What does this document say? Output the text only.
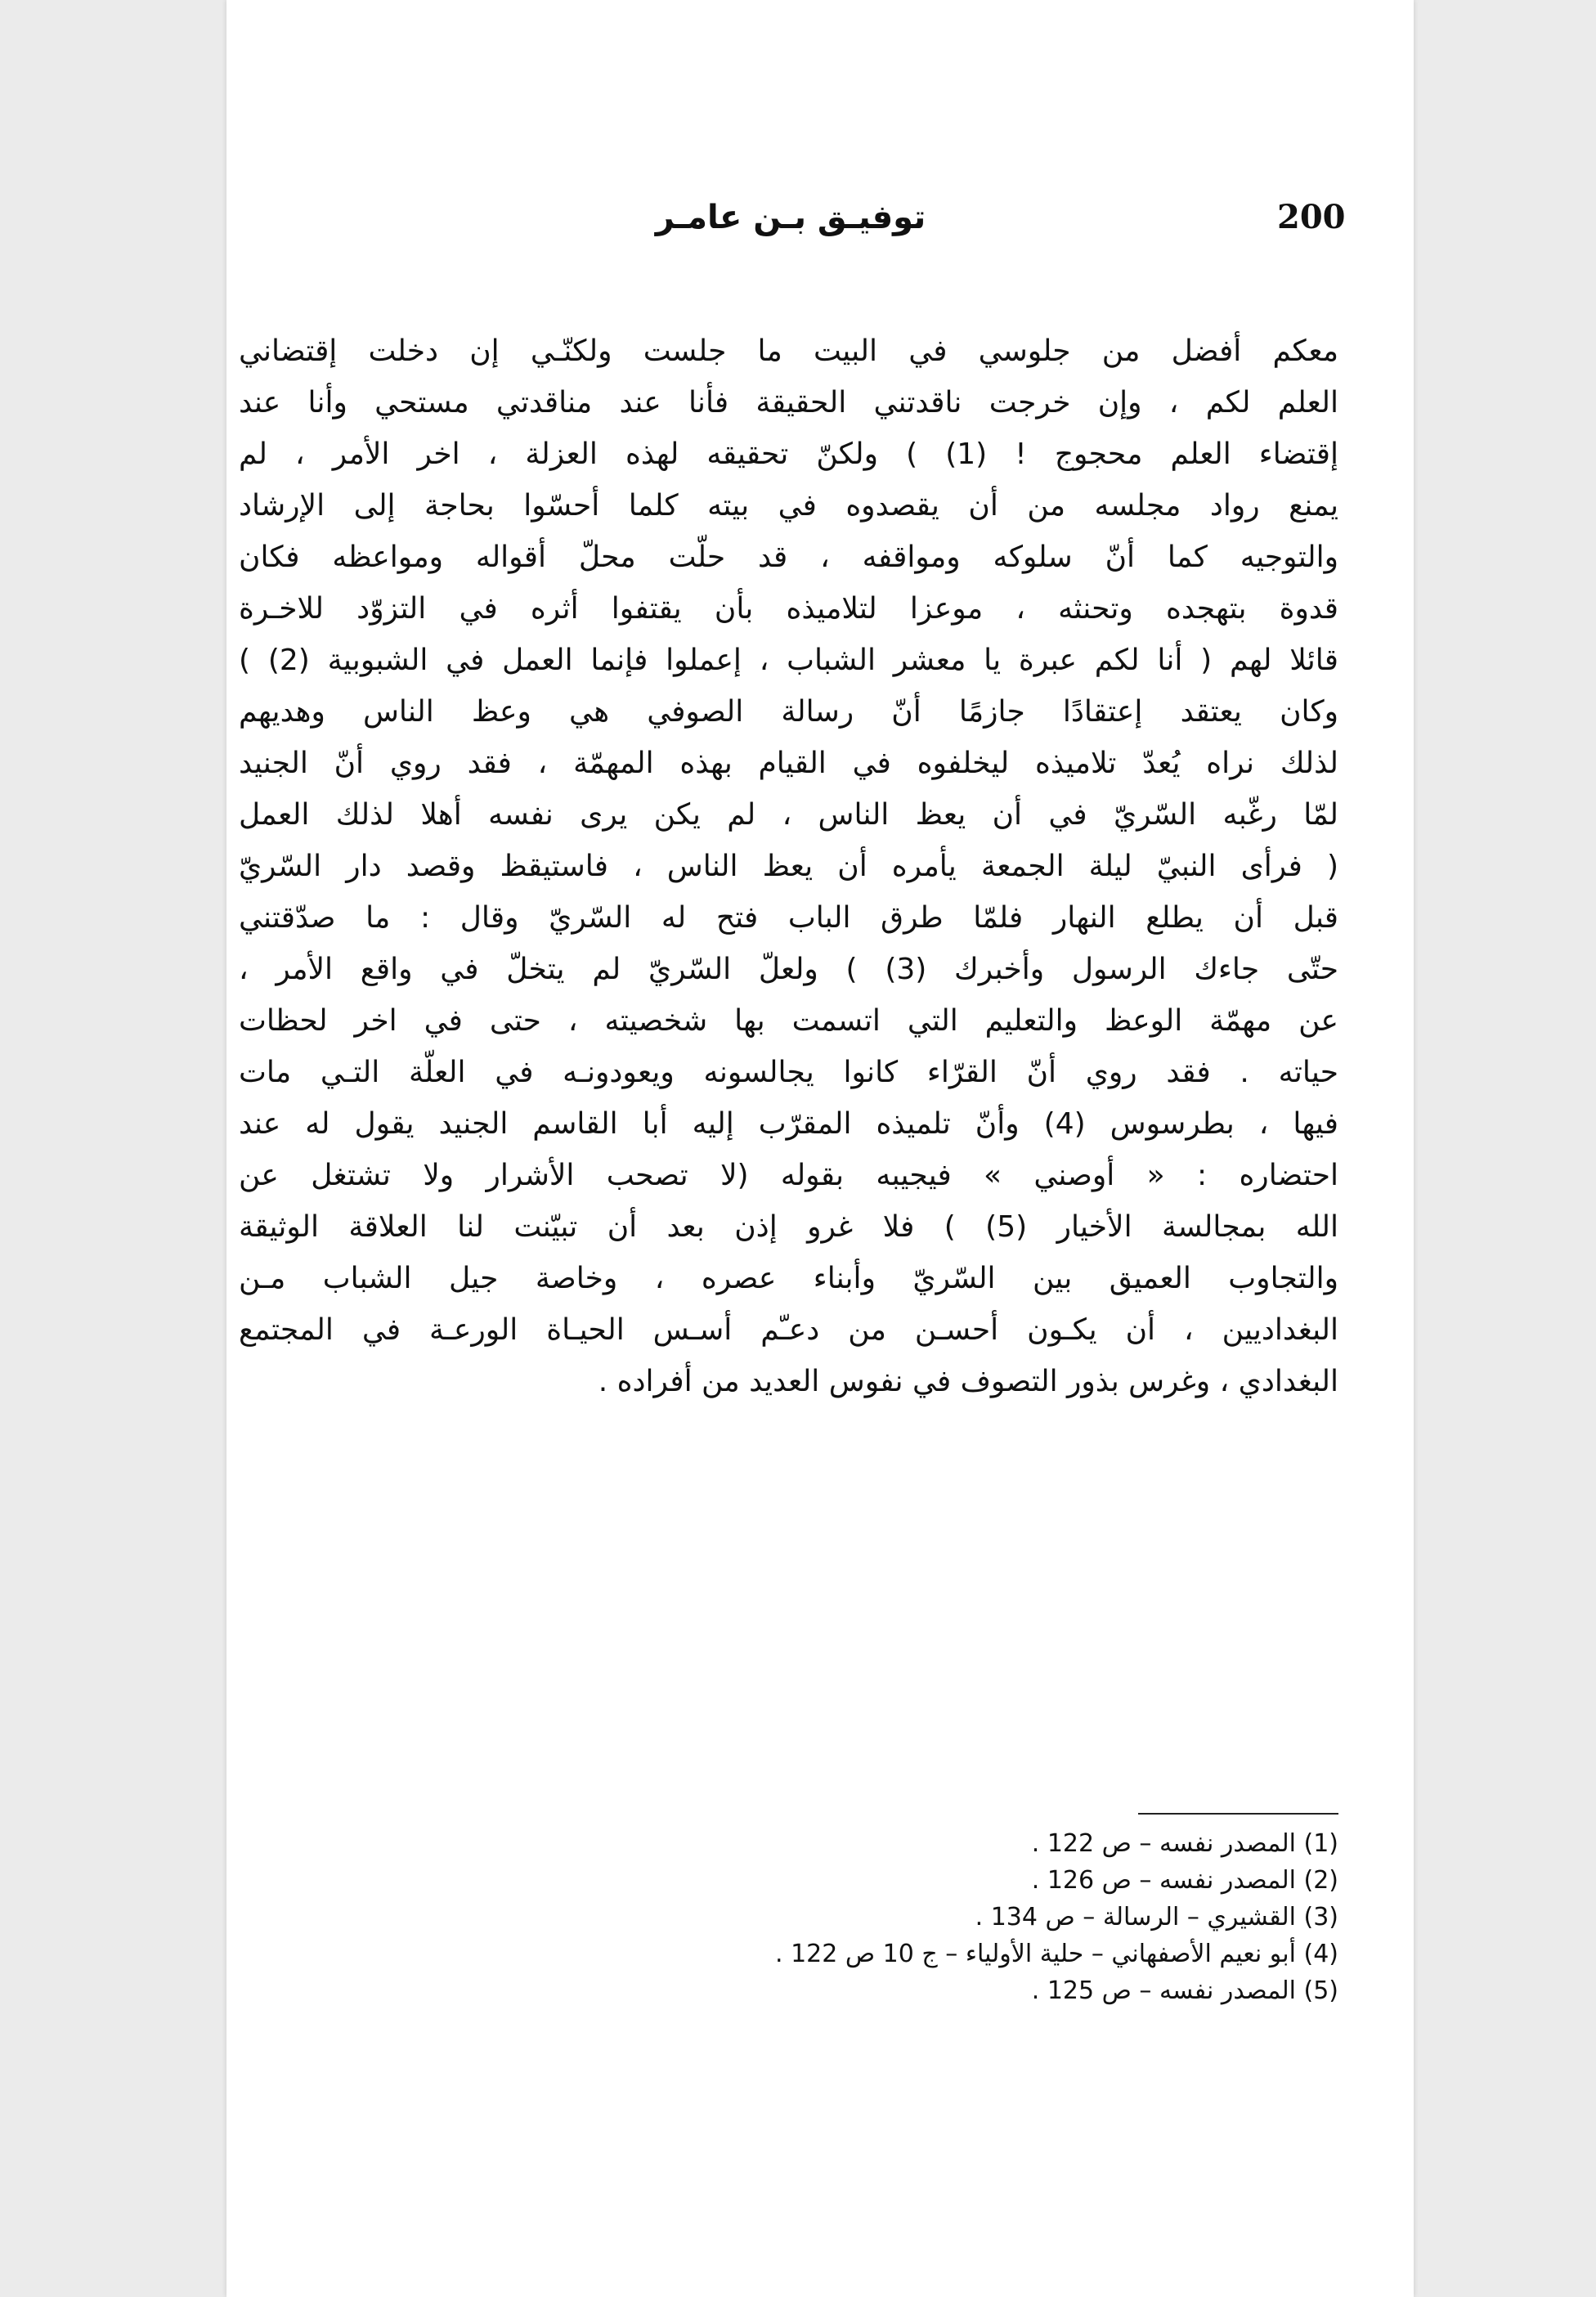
توفيـق بـن عامـر	200
معكم أفضل من جلوسي في البيت ما جلست ولكنّـي إن دخلت إقتضاني
العلم لكم ، وإن خرجت ناقدتني الحقيقة فأنا عند مناقدتي مستحي وأنا عند
إقتضاء العلم محجوج ! (1) ) ولكنّ تحقيقه لهذه العزلة ، اخر الأمر ، لم
يمنع رواد مجلسه من أن يقصدوه في بيته كلما أحسّوا بحاجة إلى الإرشاد
والتوجيه كما أنّ سلوكه ومواقفه ، قد حلّت محلّ أقواله ومواعظه فكان
قدوة بتهجده وتحنثه ، موعزا لتلاميذه بأن يقتفوا أثره في التزوّد للاخـرة
قائلا لهم ( أنا لكم عبرة يا معشر الشباب ، إعملوا فإنما العمل في الشبوبية (2) )
وكان يعتقد إعتقادًا جازمًا أنّ رسالة الصوفي هي وعظ الناس وهديهم
لذلك نراه يُعدّ تلاميذه ليخلفوه في القيام بهذه المهمّة ، فقد روي أنّ الجنيد
لمّا رغّبه السّريّ في أن يعظ الناس ، لم يكن يرى نفسه أهلا لذلك العمل
( فرأى النبيّ ليلة الجمعة يأمره أن يعظ الناس ، فاستيقظ وقصد دار السّريّ
قبل أن يطلع النهار فلمّا طرق الباب فتح له السّريّ وقال : ما صدّقتني
حتّى جاءك الرسول وأخبرك (3) ) ولعلّ السّريّ لم يتخلّ في واقع الأمر ،
عن مهمّة الوعظ والتعليم التي اتسمت بها شخصيته ، حتى في اخر لحظات
حياته . فقد روي أنّ القرّاء كانوا يجالسونه ويعودونـه في العلّة التـي مات
فيها ، بطرسوس (4) وأنّ تلميذه المقرّب إليه أبا القاسم الجنيد يقول له عند
احتضاره : « أوصني » فيجيبه بقوله (لا تصحب الأشرار ولا تشتغل عن
الله بمجالسة الأخيار (5) ) فلا غرو إذن بعد أن تبيّنت لنا العلاقة الوثيقة
والتجاوب العميق بين السّريّ وأبناء عصره ، وخاصة جيل الشباب مـن
البغداديين ، أن يكـون أحسـن من دعـّم أسـس الحيـاة الورعـة في المجتمع
البغدادي ، وغرس بذور التصوف في نفوس العديد من أفراده .
(1) المصدر نفسه – ص 122 .
(2) المصدر نفسه – ص 126 .
(3) القشيري – الرسالة – ص 134 .
(4) أبو نعيم الأصفهاني – حلية الأولياء – ج 10 ص 122 .
(5) المصدر نفسه – ص 125 .
